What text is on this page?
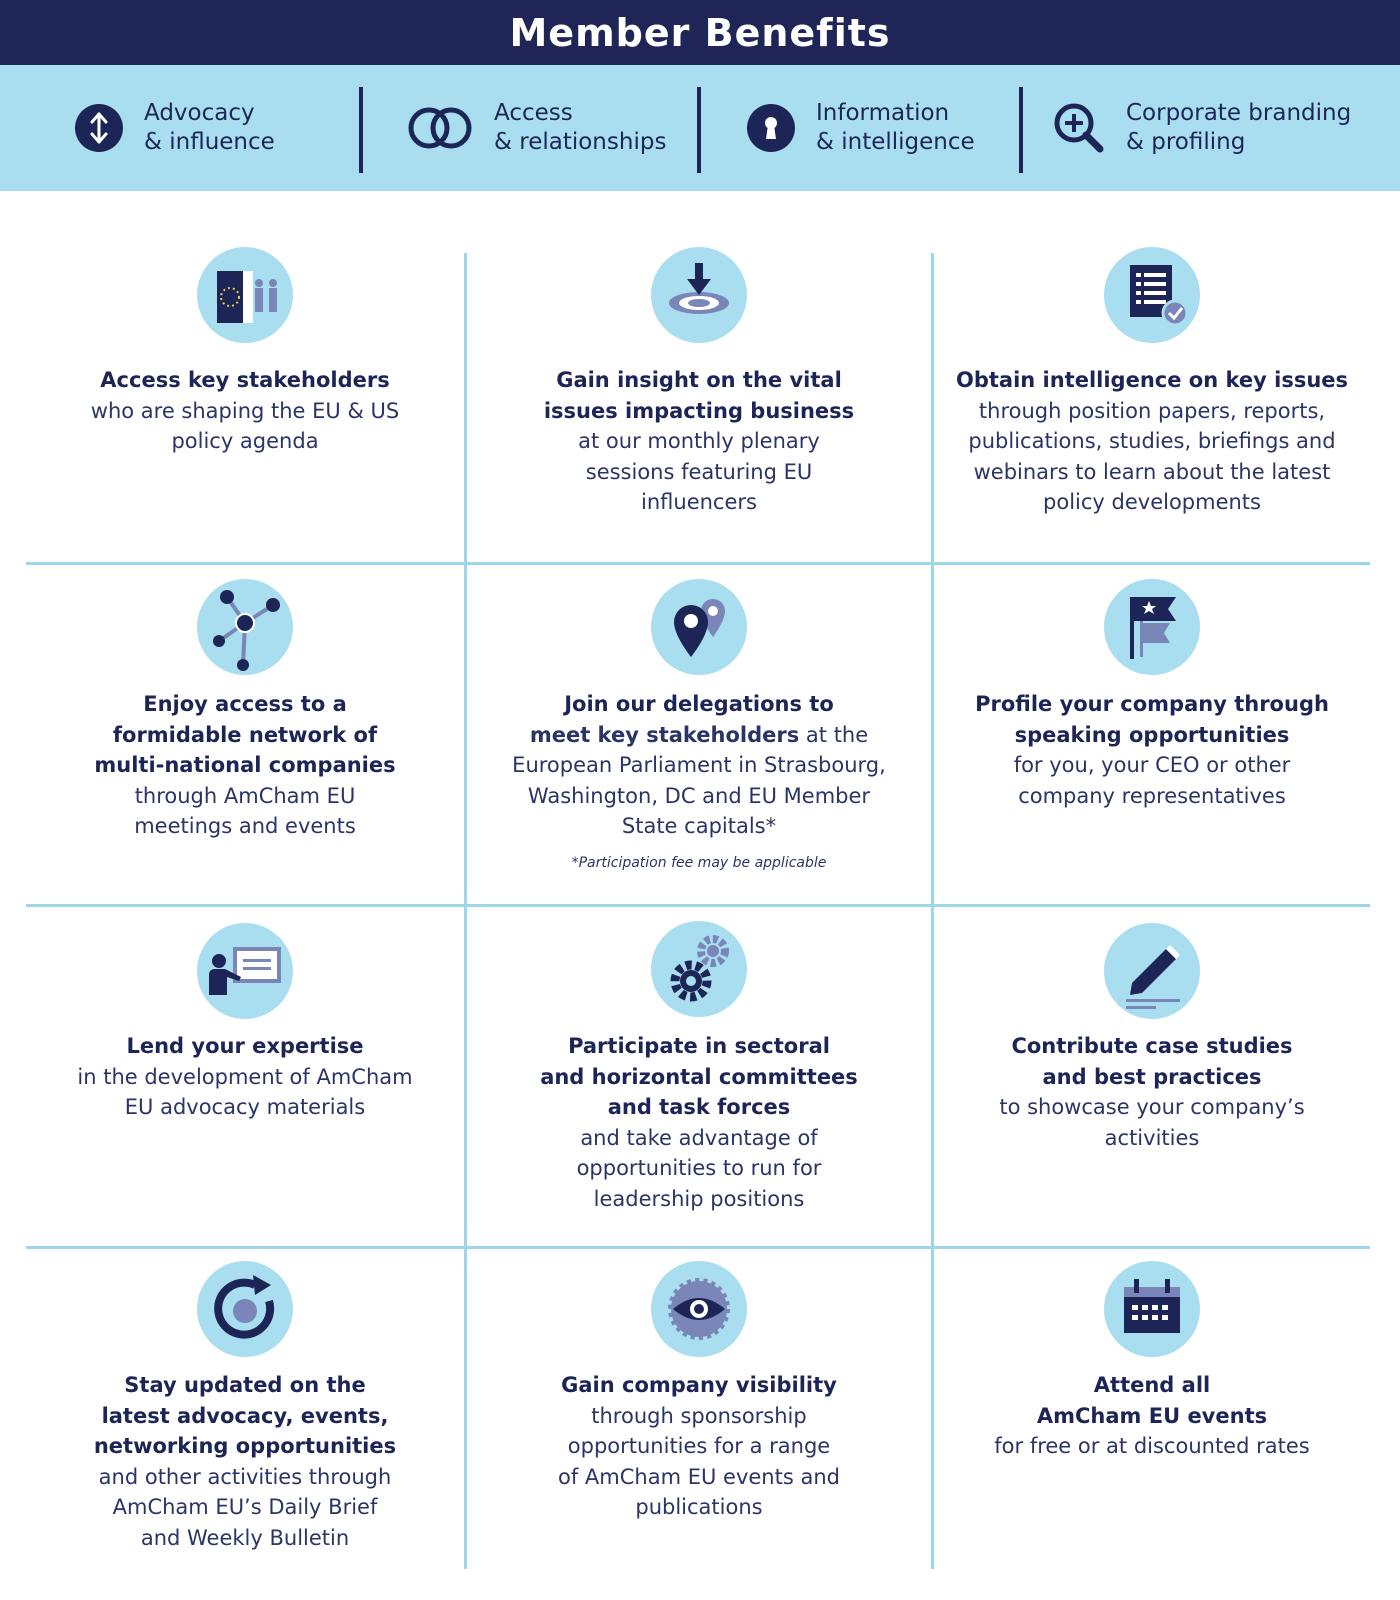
Member Benefits
Advocacy
& influence
Access
& relationships
Information
& intelligence
Corporate branding
& profiling
Access key stakeholders
who are shaping the EU & US
policy agenda
Gain insight on the vital
issues impacting business
at our monthly plenary
sessions featuring EU
influencers
Obtain intelligence on key issues
through position papers, reports,
publications, studies, briefings and
webinars to learn about the latest
policy developments
Enjoy access to a
formidable network of
multi-national companies
through AmCham EU
meetings and events
Join our delegations to
meet key stakeholders at the
European Parliament in Strasbourg,
Washington, DC and EU Member
State capitals*
*Participation fee may be applicable
Profile your company through
speaking opportunities
for you, your CEO or other
company representatives
Lend your expertise
in the development of AmCham
EU advocacy materials
Participate in sectoral
and horizontal committees
and task forces
and take advantage of
opportunities to run for
leadership positions
Contribute case studies
and best practices
to showcase your company’s
activities
Stay updated on the
latest advocacy, events,
networking opportunities
and other activities through
AmCham EU’s Daily Brief
and Weekly Bulletin
Gain company visibility
through sponsorship
opportunities for a range
of AmCham EU events and
publications
Attend all
AmCham EU events
for free or at discounted rates
